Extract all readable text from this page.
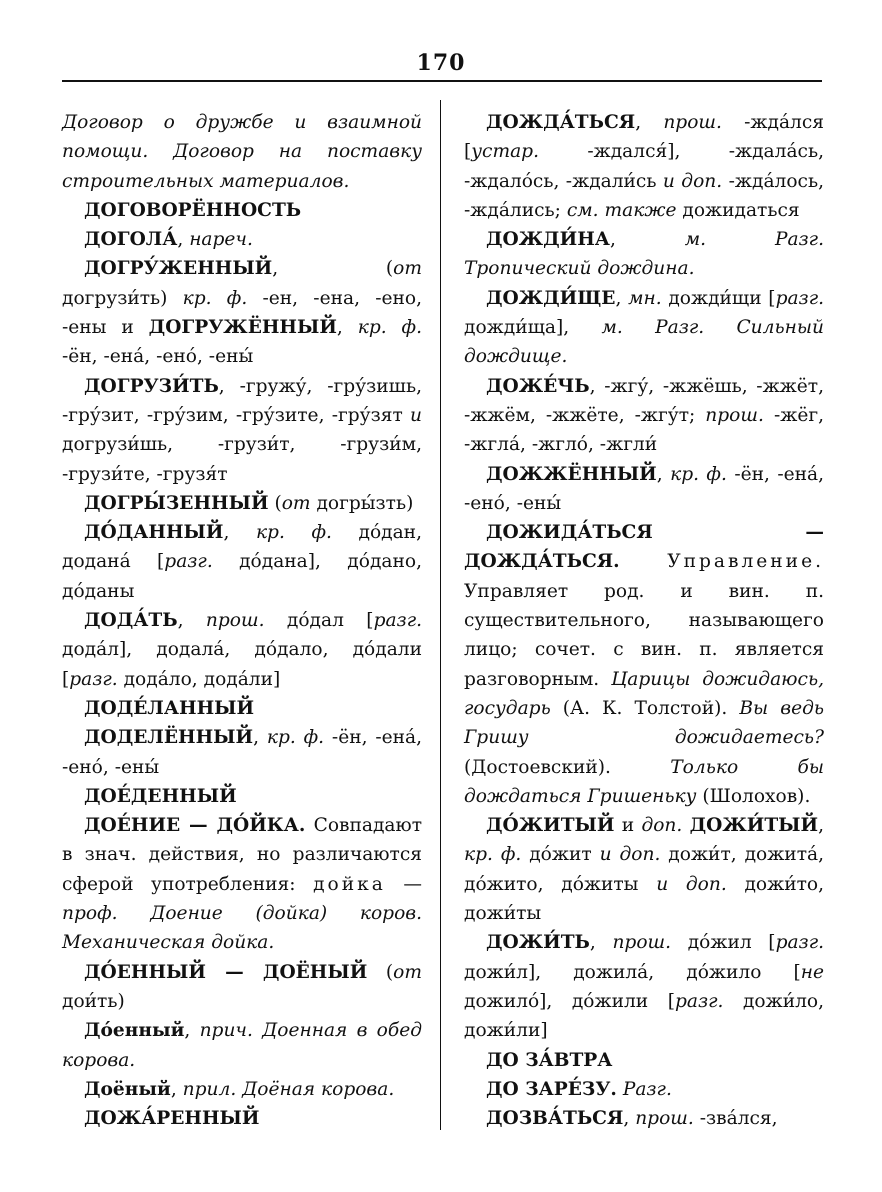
170

Договор о дружбе и взаимной помощи. Договор на поставку строительных материалов.

ДОГОВОРЁННОСТЬ

ДОГОЛА́, нареч.

ДОГРУ́ЖЕННЫЙ, (от догрузи́ть) кр. ф. -ен, -ена, -ено, -ены и ДОГРУЖЁННЫЙ, кр. ф. -ён, -ена́, -ено́, -ены́

ДОГРУЗИ́ТЬ, -гружу́, -гру́зишь, -гру́зит, -гру́зим, -гру́зите, -гру́зят и догрузи́шь, -грузи́т, -грузи́м, -грузи́те, -грузя́т

ДОГРЫ́ЗЕННЫЙ (от догры́зть)

ДО́ДАННЫЙ, кр. ф. до́дан, додана́ [разг. до́дана], до́дано, до́даны

ДОДА́ТЬ, прош. до́дал [разг. дода́л], додала́, до́дало, до́дали [разг. дода́ло, дода́ли]

ДОДЕ́ЛАННЫЙ

ДОДЕЛЁННЫЙ, кр. ф. -ён, -ена́, -ено́, -ены́

ДОЕ́ДЕННЫЙ

ДОЕ́НИЕ — ДО́ЙКА. Совпадают в знач. действия, но различаются сферой употребления: дойка — проф. Доение (дойка) коров. Механическая дойка.

ДО́ЕННЫЙ — ДОЁНЫЙ (от дои́ть)

До́енный, прич. Доенная в обед корова.

Доёный, прил. Доёная корова.

ДОЖА́РЕННЫЙ

ДОЖДА́ТЬСЯ, прош. -жда́лся [устар. -ждался́], -ждала́сь, -ждало́сь, -ждали́сь и доп. -жда́лось, -жда́лись; см. также дожидаться

ДОЖДИ́НА, м. Разг. Тропический дождина.

ДОЖДИ́ЩЕ, мн. дожди́щи [разг. дожди́ща], м. Разг. Сильный дождище.

ДОЖЕ́ЧЬ, -жгу́, -жжёшь, -жжёт, -жжём, -жжёте, -жгу́т; прош. -жёг, -жгла́, -жгло́, -жгли́

ДОЖЖЁННЫЙ, кр. ф. -ён, -ена́, -ено́, -ены́

ДОЖИДА́ТЬСЯ — ДОЖДА́ТЬСЯ.	Управление. Управляет род. и вин. п. существительного, называющего лицо; сочет. с вин. п. является разговорным. Царицы дожидаюсь, государь (А. К. Толстой). Вы ведь Гришу дожидаетесь? (Достоевский). Только бы дождаться Гришеньку (Шолохов).

ДО́ЖИТЫЙ и доп. ДОЖИ́ТЫЙ, кр. ф. до́жит и доп. дожи́т, дожита́, до́жито, до́житы и доп. дожи́то, дожи́ты

ДОЖИ́ТЬ, прош. до́жил [разг. дожи́л], дожила́, до́жило [не дожило́], до́жили [разг. дожи́ло, дожи́ли]

ДО ЗА́ВТРА

ДО ЗАРЕ́ЗУ. Разг.

ДОЗВА́ТЬСЯ, прош. -зва́лся,
